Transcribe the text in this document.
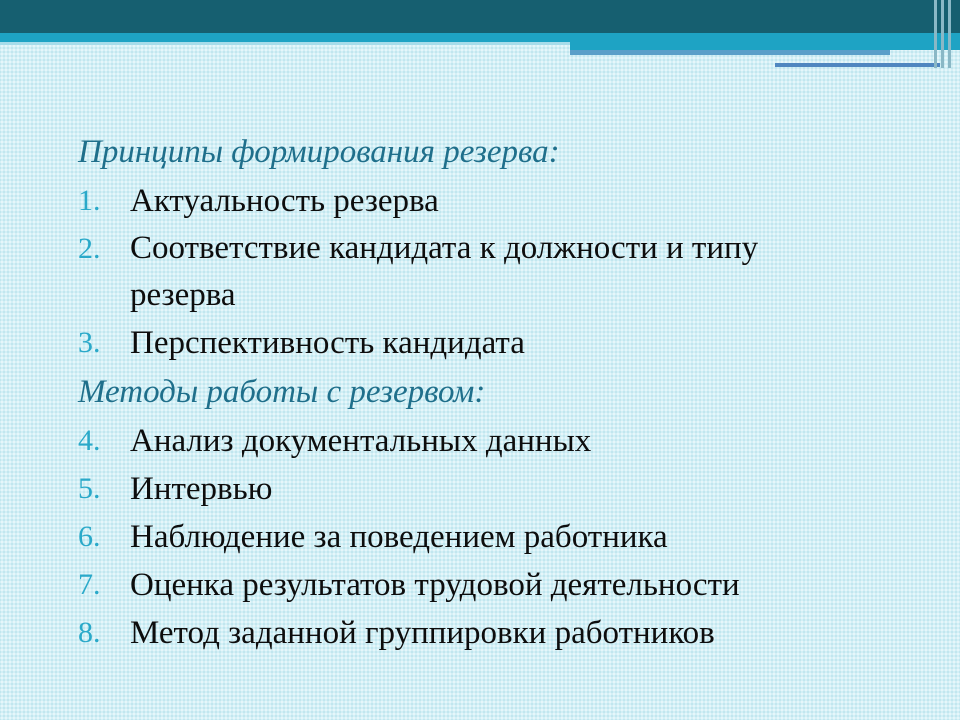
Принципы формирования резерва:
1. Актуальность резерва
2. Соответствие кандидата к должности и типу резерва
3. Перспективность кандидата
Методы работы с резервом:
4. Анализ документальных данных
5. Интервью
6. Наблюдение за поведением работника
7. Оценка результатов трудовой деятельности
8. Метод заданной группировки работников
